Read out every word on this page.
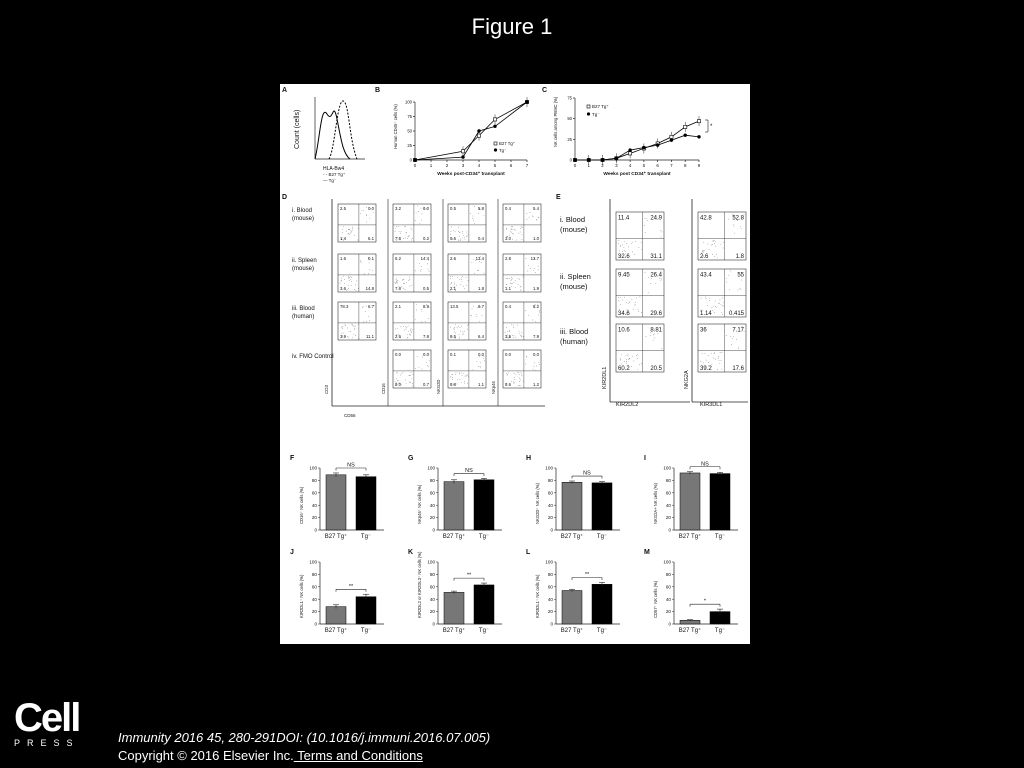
Figure 1
A	B	C
D	E
F	G	H	I
J	K	L	M
Count (cells)
HLA-Bw4
- - B27 Tg⁺
— Tg⁻
0
25
50
75
100
0	1	2	3	4	5	6	7
Human CD45⁺ cells (%)
Weeks post-CD34⁺ transplant
B27 Tg⁺
Tg⁻
0
25
50
75
0	1	2	3	4	5	6	7	8	9
NK cells among PBMC (%)
Weeks post CD34⁺ transplant
B27 Tg⁺
Tg⁻
*
i. Blood
(mouse)
ii. Spleen
(mouse)
iii. Blood
(human)
iv. FMO Control
2.5	0.0
1.4	6.1
3.2	6.0
7.6	0.2
0.5	5.8
0.6	0.4
0.4	5.4
3.0	1.0
1.6	0.1
3.6	14.8
6.2	14.4
7.6	0.5
2.6	13.4
2.1	1.8
2.8	13.7
1.1	1.9
78.3	6.7
3.9	11.1
2.1	8.9
2.6	7.8
13.5	9.7
0.5	6.4
0.4	8.2
3.5	7.9
0.0	0.0
9.0	0.7
0.1	0.0
8.8	1.1
0.0	0.0
8.6	1.2
CD3
CD56
CD16	NKG2D	NKp46
i. Blood
(mouse)
ii. Spleen
(mouse)
iii. Blood
(human)
11.4	24.9
32.6	31.1
9.45	26.4
34.6	29.6
10.6	8.81
60.2	20.5
42.8	52.8
2.6	1.8
43.4	55
1.14	0.415
36	7.17
39.2	17.6
KIR2DL1
KIR2DL2
NKG2A
KIR3DL1
0
20
40
60
80
100
CD16⁺ NK cells (%)
B27 Tg⁺ Tg⁻
NS
0
20
40
60
80
100
NKp46⁺ NK cells (%)
B27 Tg⁺ Tg⁻
NS
0
20
40
60
80
100
NKG2D⁺ NK cells (%)
B27 Tg⁺ Tg⁻
NS
0
20
40
60
80
100
NKG2A+ NK cells (%)
B27 Tg⁺ Tg⁻
NS
0
20
40
60
80
100
KIR2DL1⁺ NK cells (%)
B27 Tg⁺ Tg⁻
**
0
20
40
60
80
100
KIR2DL2 or KIR2DL3⁺ NK cells (%)
B27 Tg⁺ Tg⁻
**
0
20
40
60
80
100
KIR3DL1⁺ NK cells (%)
B27 Tg⁺ Tg⁻
**
0
20
40
60
80
100
CD57⁺ NK cells (%)
B27 Tg⁺ Tg⁻
*
Cell
PRESS	Immunity 2016 45, 280-291DOI: (10.1016/j.immuni.2016.07.005)
Copyright © 2016 Elsevier Inc. Terms and Conditions
